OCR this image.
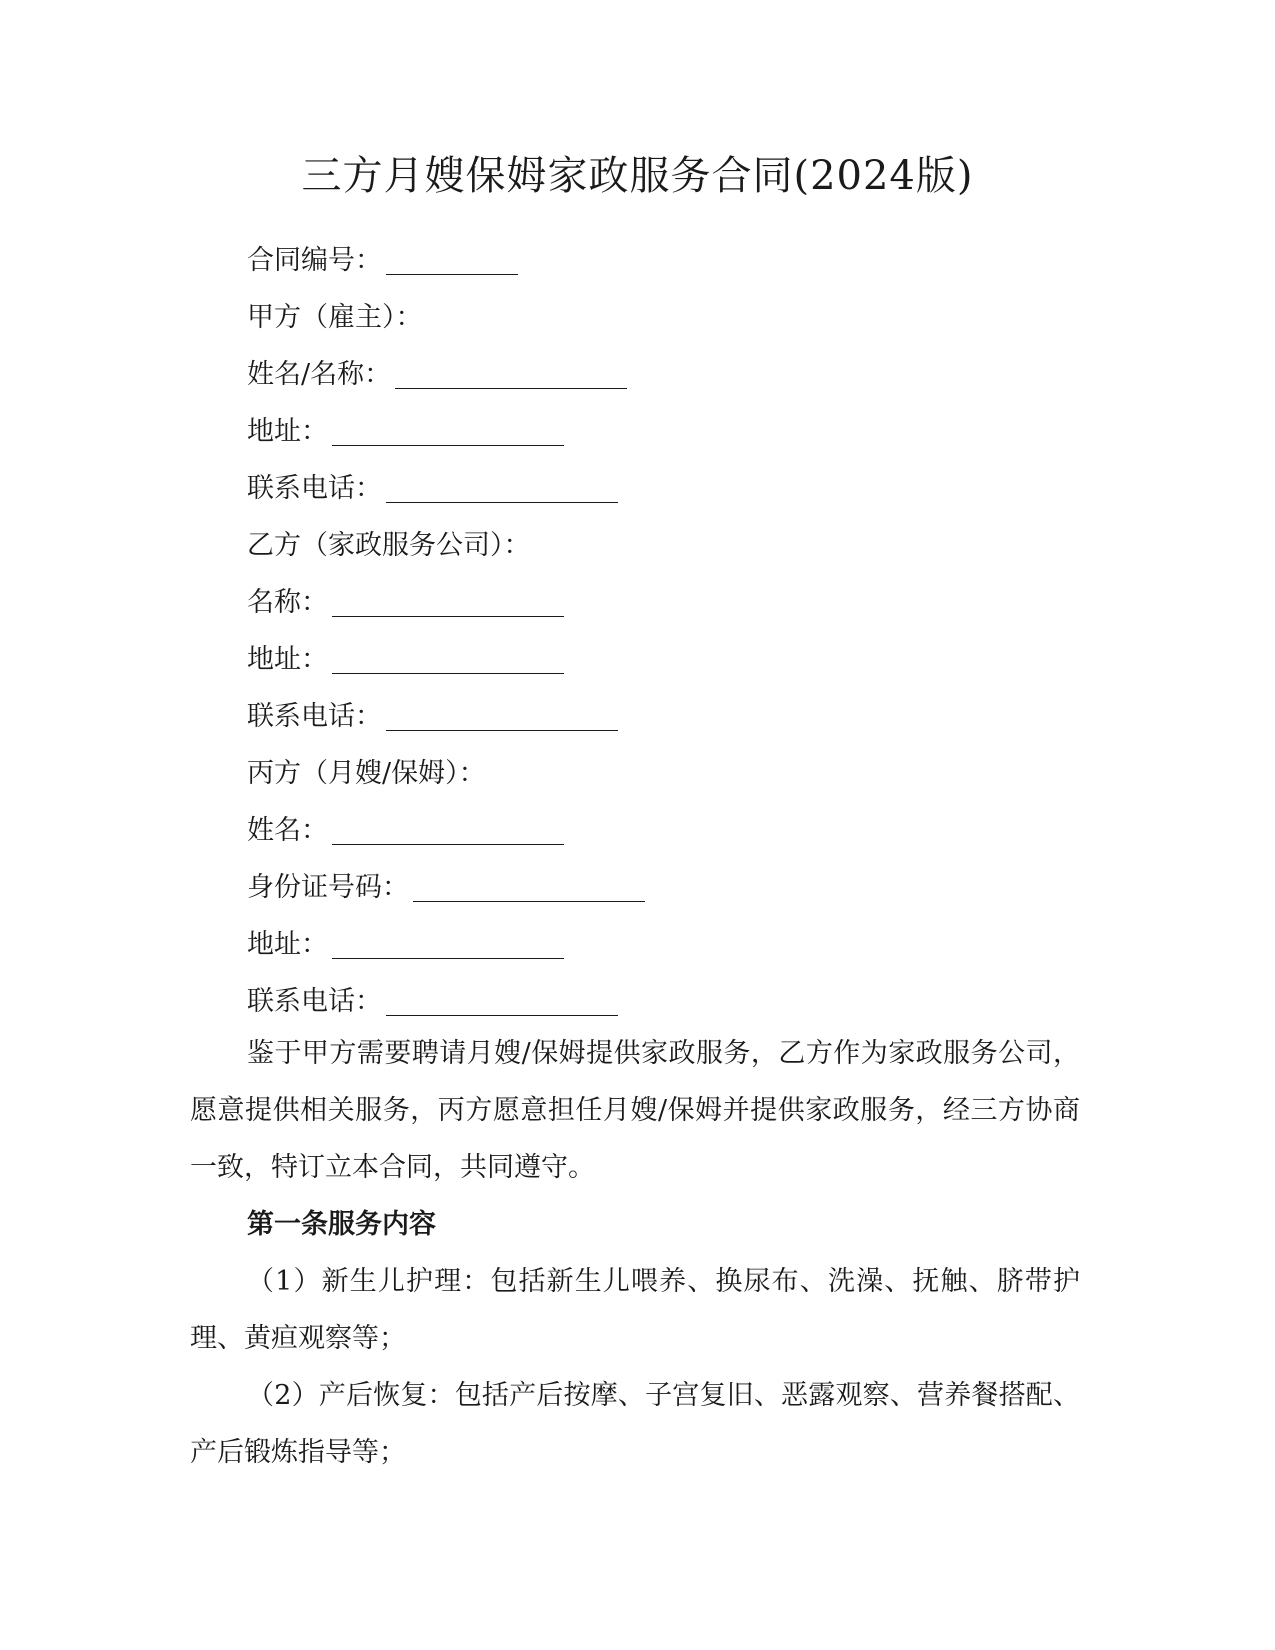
三方月嫂保姆家政服务合同(2024版)
合同编号：
甲方（雇主）：
姓名/名称：
地址：
联系电话：
乙方（家政服务公司）：
名称：
地址：
联系电话：
丙方（月嫂/保姆）：
姓名：
身份证号码：
地址：
联系电话：

鉴于甲方需要聘请月嫂/保姆提供家政服务，乙方作为家政服务公司，愿意提供相关服务，丙方愿意担任月嫂/保姆并提供家政服务，经三方协商一致，特订立本合同，共同遵守。

第一条服务内容

（1）新生儿护理：包括新生儿喂养、换尿布、洗澡、抚触、脐带护理、黄疸观察等；

（2）产后恢复：包括产后按摩、子宫复旧、恶露观察、营养餐搭配、产后锻炼指导等；
